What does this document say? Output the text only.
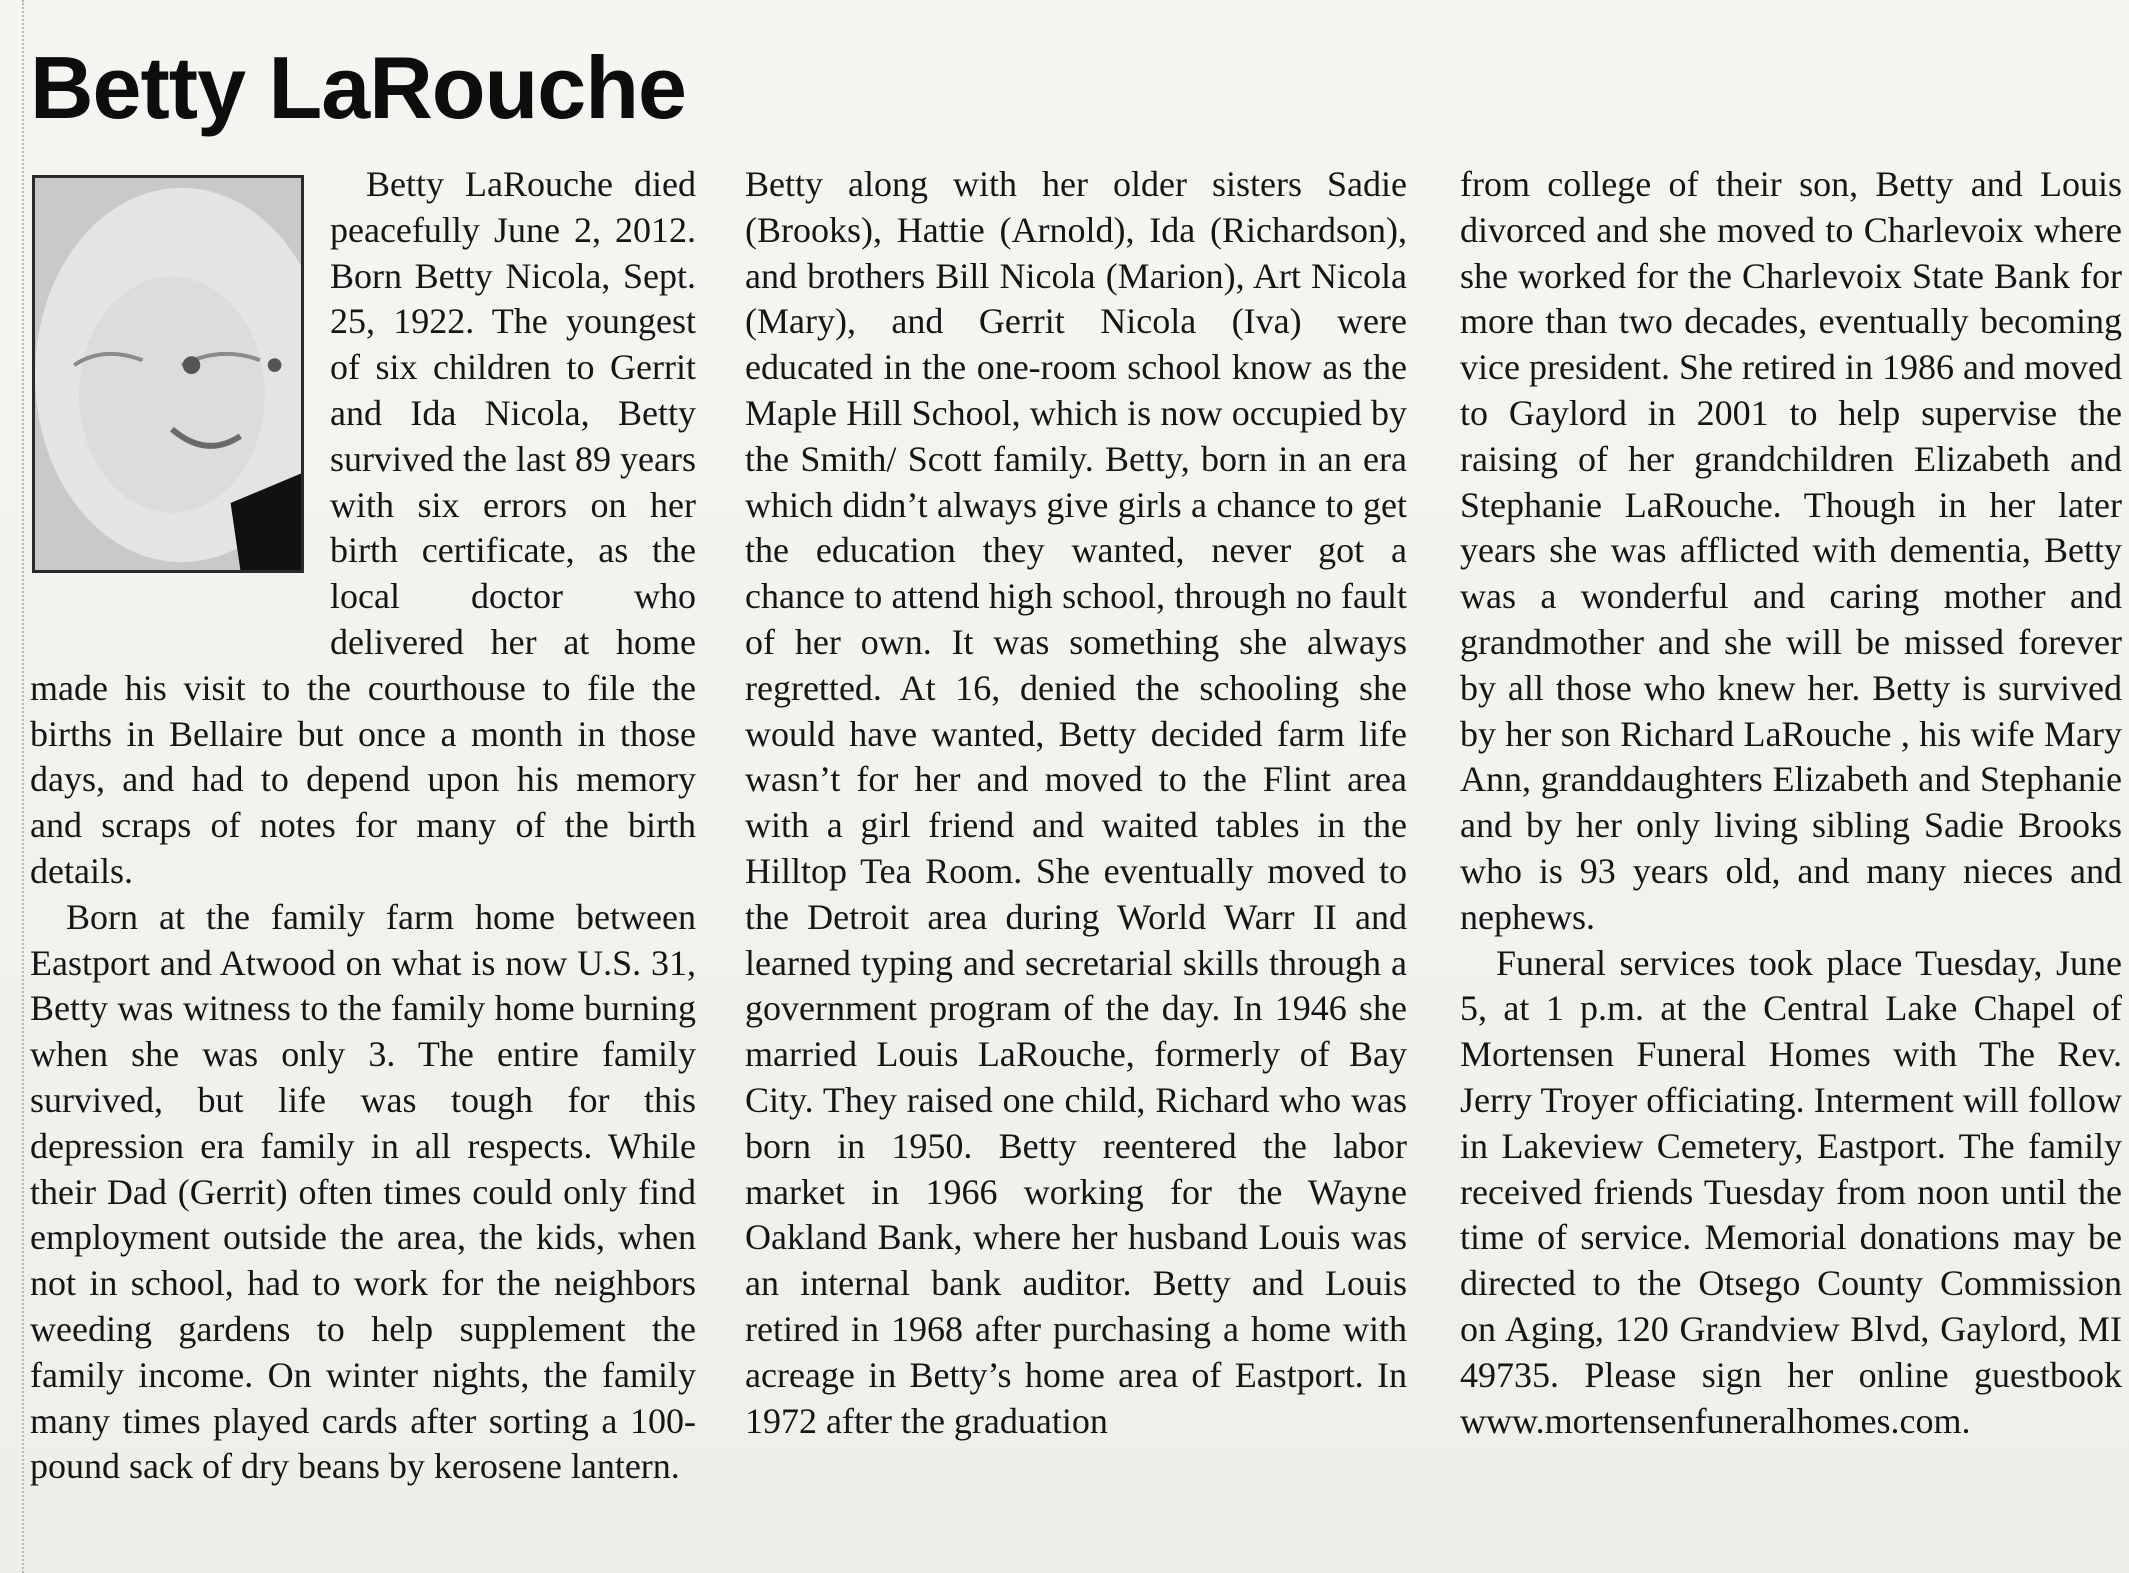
Betty LaRouche

Betty LaRouche died peacefully June 2, 2012. Born Betty Nicola, Sept. 25, 1922. The youngest of six children to Gerrit and Ida Nicola, Betty survived the last 89 years with six errors on her birth certificate, as the local doctor who delivered her at home made his visit to the courthouse to file the births in Bellaire but once a month in those days, and had to depend upon his memory and scraps of notes for many of the birth details.

Born at the family farm home between Eastport and Atwood on what is now U.S. 31, Betty was witness to the family home burning when she was only 3. The entire family survived, but life was tough for this depression era family in all respects. While their Dad (Gerrit) often times could only find employment outside the area, the kids, when not in school, had to work for the neighbors weeding gardens to help supplement the family income. On winter nights, the family many times played cards after sorting a 100-pound sack of dry beans by kerosene lantern.

Betty along with her older sisters Sadie (Brooks), Hattie (Arnold), Ida (Richardson), and brothers Bill Nicola (Marion), Art Nicola (Mary), and Gerrit Nicola (Iva) were educated in the one-room school know as the Maple Hill School, which is now occupied by the Smith/ Scott family. Betty, born in an era which didn’t always give girls a chance to get the education they wanted, never got a chance to attend high school, through no fault of her own. It was something she always regretted. At 16, denied the schooling she would have wanted, Betty decided farm life wasn’t for her and moved to the Flint area with a girl friend and waited tables in the Hilltop Tea Room. She eventually moved to the Detroit area during World Warr II and learned typing and secretarial skills through a government program of the day. In 1946 she married Louis LaRouche, formerly of Bay City. They raised one child, Richard who was born in 1950. Betty reentered the labor market in 1966 working for the Wayne Oakland Bank, where her husband Louis was an internal bank auditor. Betty and Louis retired in 1968 after purchasing a home with acreage in Betty’s home area of Eastport. In 1972 after the graduation

from college of their son, Betty and Louis divorced and she moved to Charlevoix where she worked for the Charlevoix State Bank for more than two decades, eventually becoming vice president. She retired in 1986 and moved to Gaylord in 2001 to help supervise the raising of her grandchildren Elizabeth and Stephanie LaRouche. Though in her later years she was afflicted with dementia, Betty was a wonderful and caring mother and grandmother and she will be missed forever by all those who knew her. Betty is survived by her son Richard LaRouche , his wife Mary Ann, granddaughters Elizabeth and Stephanie and by her only living sibling Sadie Brooks who is 93 years old, and many nieces and nephews.

Funeral services took place Tuesday, June 5, at 1 p.m. at the Central Lake Chapel of Mortensen Funeral Homes with The Rev. Jerry Troyer officiating. Interment will follow in Lakeview Cemetery, Eastport. The family received friends Tuesday from noon until the time of service. Memorial donations may be directed to the Otsego County Commission on Aging, 120 Grandview Blvd, Gaylord, MI 49735. Please sign her online guestbook www.mortensenfuneralhomes.com.
